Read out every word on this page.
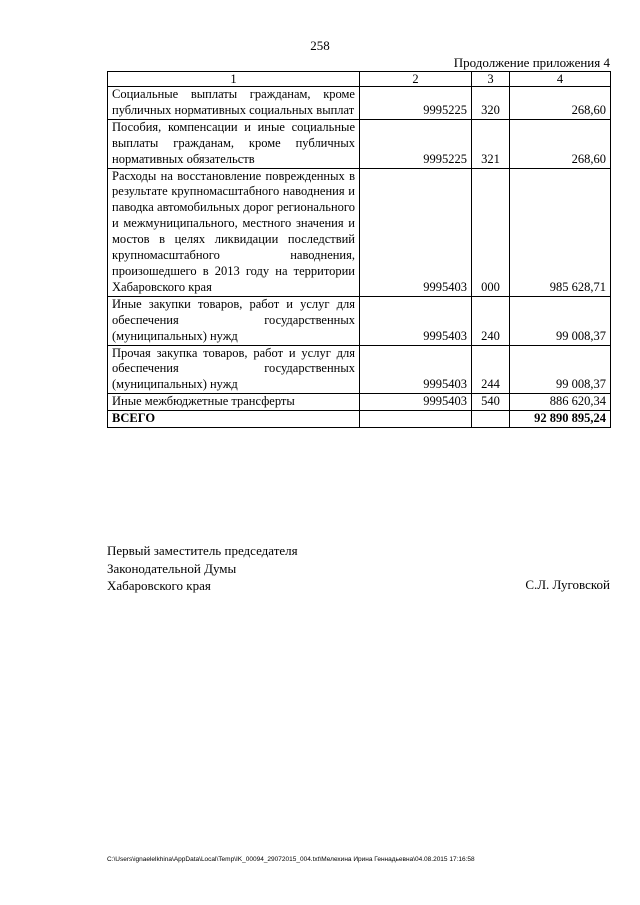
258
Продолжение приложения 4
1	2	3	4
Социальные выплаты гражданам, кроме публичных нормативных социальных выплат	9995225	320	268,60
Пособия, компенсации и иные социальные выплаты гражданам, кроме публичных нормативных обязательств	9995225	321	268,60
Расходы на восстановление поврежденных в результате крупномасштабного наводнения и паводка автомобильных дорог регионального и межмуниципального, местного значения и мостов в целях ликвидации последствий крупномасштабного наводнения, произошедшего в 2013 году на территории Хабаровского края	9995403	000	985 628,71
Иные закупки товаров, работ и услуг для обеспечения государственных (муниципальных) нужд	9995403	240	99 008,37
Прочая закупка товаров, работ и услуг для обеспечения государственных (муниципальных) нужд	9995403	244	99 008,37
Иные межбюджетные трансферты	9995403	540	886 620,34
ВСЕГО			92 890 895,24
Первый заместитель председателя
Законодательной Думы
Хабаровского края	С.Л. Луговской
C:\Users\ignaelelkhina\AppData\Local\Temp\IK_00094_29072015_004.txt\Мелехина Ирина Геннадьевна\04.08.2015 17:16:58
